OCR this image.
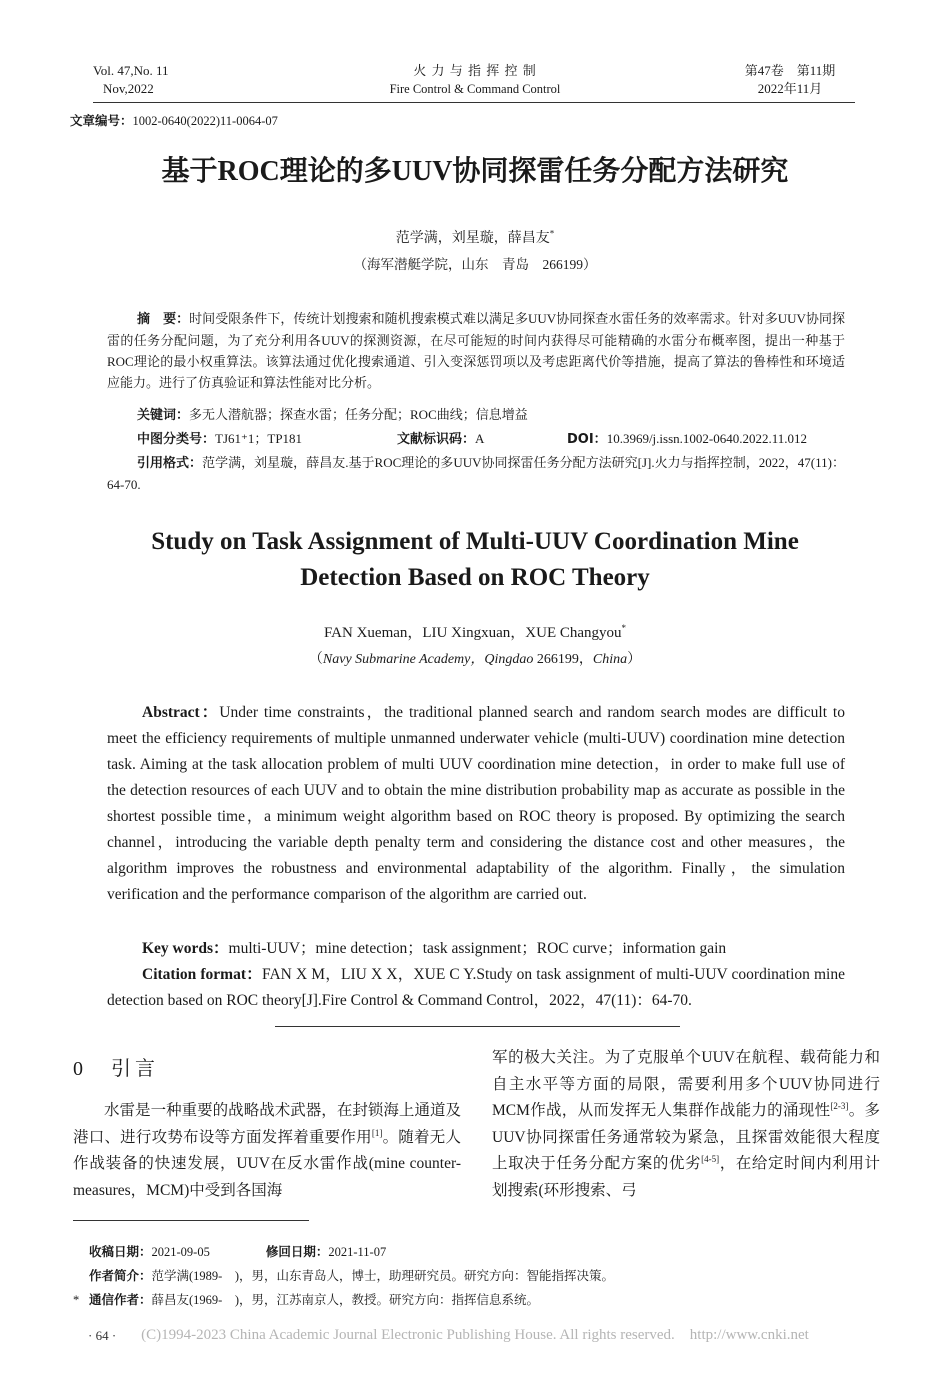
Vol. 47,No. 11
Nov,2022
火 力 与 指 挥 控 制
Fire Control & Command Control
第47卷　第11期
2022年11月
文章编号：1002-0640(2022)11-0064-07
基于ROC理论的多UUV协同探雷任务分配方法研究
范学满，刘星璇，薛昌友*
（海军潜艇学院，山东　青岛　266199）
摘　要：时间受限条件下，传统计划搜索和随机搜索模式难以满足多UUV协同探查水雷任务的效率需求。针对多UUV协同探雷的任务分配问题，为了充分利用各UUV的探测资源，在尽可能短的时间内获得尽可能精确的水雷分布概率图，提出一种基于ROC理论的最小权重算法。该算法通过优化搜索通道、引入变深惩罚项以及考虑距离代价等措施，提高了算法的鲁棒性和环境适应能力。进行了仿真验证和算法性能对比分析。
关键词：多无人潜航器；探查水雷；任务分配；ROC曲线；信息增益
中图分类号：TJ61⁺1；TP181	文献标识码：A	DOI：10.3969/j.issn.1002-0640.2022.11.012
引用格式：范学满，刘星璇，薛昌友.基于ROC理论的多UUV协同探雷任务分配方法研究[J].火力与指挥控制，2022，47(11)：64-70.
Study on Task Assignment of Multi-UUV Coordination Mine
Detection Based on ROC Theory
FAN Xueman，LIU Xingxuan，XUE Changyou*
（Navy Submarine Academy，Qingdao 266199，China）
Abstract：Under time constraints，the traditional planned search and random search modes are difficult to meet the efficiency requirements of multiple unmanned underwater vehicle (multi-UUV) coordination mine detection task. Aiming at the task allocation problem of multi UUV coordination mine detection，in order to make full use of the detection resources of each UUV and to obtain the mine distribution probability map as accurate as possible in the shortest possible time，a minimum weight algorithm based on ROC theory is proposed. By optimizing the search channel，introducing the variable depth penalty term and considering the distance cost and other measures，the algorithm improves the robustness and environmental adaptability of the algorithm. Finally，the simulation verification and the performance comparison of the algorithm are carried out.
Key words：multi-UUV；mine detection；task assignment；ROC curve；information gain
Citation format：FAN X M，LIU X X，XUE C Y.Study on task assignment of multi-UUV coordination mine detection based on ROC theory[J].Fire Control & Command Control，2022，47(11)：64-70.
0 引言
水雷是一种重要的战略战术武器，在封锁海上通道及港口、进行攻势布设等方面发挥着重要作用[1]。随着无人作战装备的快速发展，UUV在反水雷作战(mine counter-measures，MCM)中受到各国海
军的极大关注。为了克服单个UUV在航程、载荷能力和自主水平等方面的局限，需要利用多个UUV协同进行MCM作战，从而发挥无人集群作战能力的涌现性[2-3]。多UUV协同探雷任务通常较为紧急，且探雷效能很大程度上取决于任务分配方案的优劣[4-5]，在给定时间内利用计划搜索(环形搜索、弓
收稿日期：2021-09-05	修回日期：2021-11-07
作者简介：范学满(1989-　)，男，山东青岛人，博士，助理研究员。研究方向：智能指挥决策。
* 通信作者：薛昌友(1969-　)，男，江苏南京人，教授。研究方向：指挥信息系统。
(C)1994-2023 China Academic Journal Electronic Publishing House. All rights reserved.　http://www.cnki.net
· 64 ·
